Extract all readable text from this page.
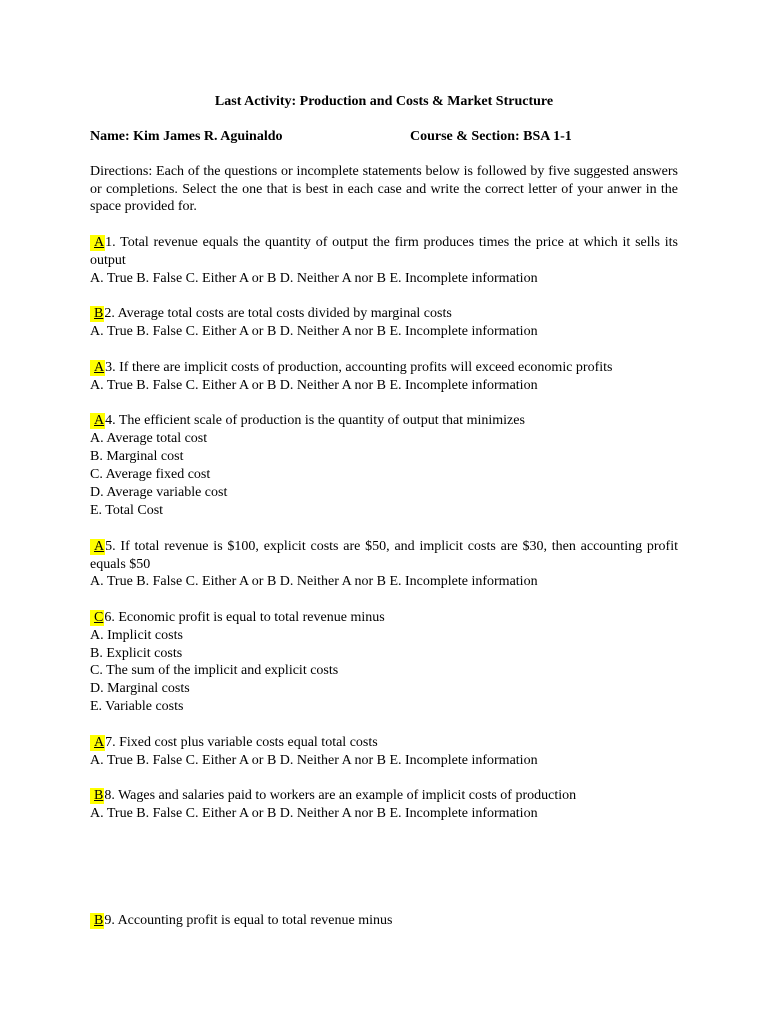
Last Activity: Production and Costs & Market Structure
Name: Kim James R. Aguinaldo	Course & Section: BSA 1-1

Directions: Each of the questions or incomplete statements below is followed by five suggested answers or completions. Select the one that is best in each case and write the correct letter of your anwer in the space provided for.

A1. Total revenue equals the quantity of output the firm produces times the price at which it sells its output

A. True B. False C. Either A or B D. Neither A nor B E. Incomplete information
B2. Average total costs are total costs divided by marginal costs
A. True B. False C. Either A or B D. Neither A nor B E. Incomplete information
A3. If there are implicit costs of production, accounting profits will exceed economic profits
A. True B. False C. Either A or B D. Neither A nor B E. Incomplete information
A4. The efficient scale of production is the quantity of output that minimizes
A. Average total cost
B. Marginal cost
C. Average fixed cost
D. Average variable cost
E. Total Cost

A5. If total revenue is $100, explicit costs are $50, and implicit costs are $30, then accounting profit equals $50

A. True B. False C. Either A or B D. Neither A nor B E. Incomplete information
C6. Economic profit is equal to total revenue minus
A. Implicit costs
B. Explicit costs
C. The sum of the implicit and explicit costs
D. Marginal costs
E. Variable costs
A7. Fixed cost plus variable costs equal total costs
A. True B. False C. Either A or B D. Neither A nor B E. Incomplete information
B8. Wages and salaries paid to workers are an example of implicit costs of production
A. True B. False C. Either A or B D. Neither A nor B E. Incomplete information
B9. Accounting profit is equal to total revenue minus
